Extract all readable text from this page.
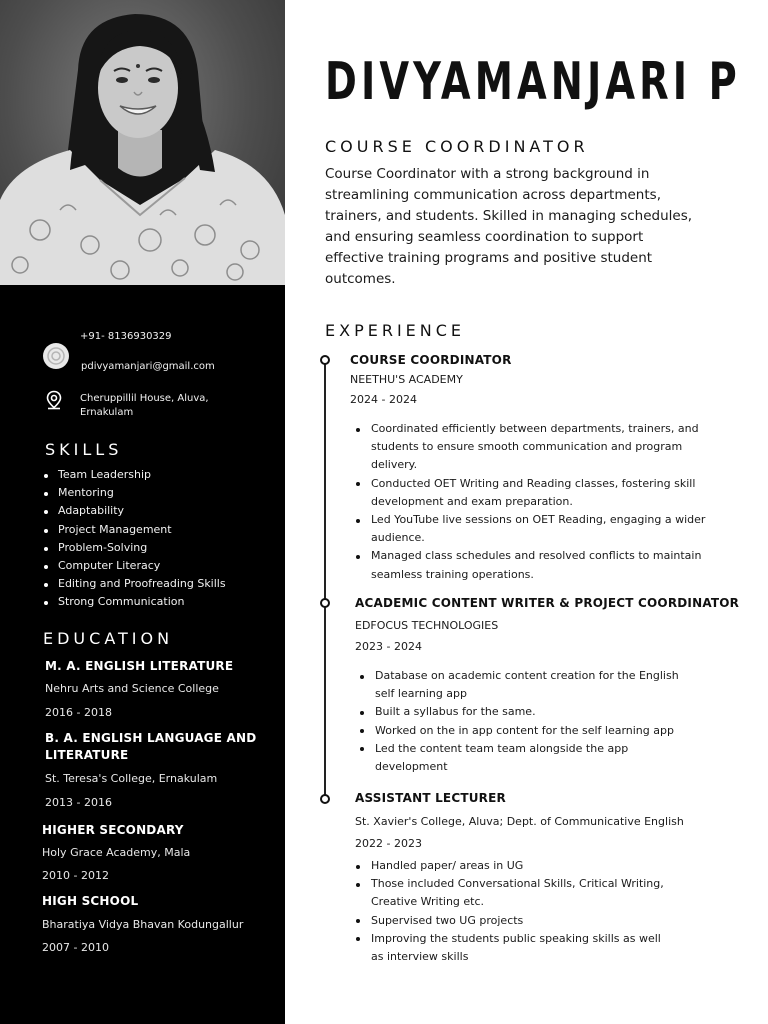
+91- 8136930329
pdivyamanjari@gmail.com
Cheruppillil House, Aluva,
Ernakulam
SKILLS
Team Leadership
Mentoring
Adaptability
Project Management
Problem-Solving
Computer Literacy
Editing and Proofreading Skills
Strong Communication
EDUCATION
M. A. ENGLISH LITERATURE
Nehru Arts and Science College
2016 - 2018
B. A. ENGLISH LANGUAGE AND LITERATURE
St. Teresa's College, Ernakulam
2013 - 2016
HIGHER SECONDARY
Holy Grace Academy, Mala
2010 - 2012
HIGH SCHOOL
Bharatiya Vidya Bhavan Kodungallur
2007 - 2010
DIVYAMANJARI P
COURSE COORDINATOR

Course Coordinator with a strong background in streamlining communication across departments, trainers, and students. Skilled in managing schedules, and ensuring seamless coordination to support effective training programs and positive student outcomes.

EXPERIENCE
COURSE COORDINATOR
NEETHU'S ACADEMY
2024 - 2024
Coordinated efficiently between departments, trainers, and
students to ensure smooth communication and program
delivery.
Conducted OET Writing and Reading classes, fostering skill
development and exam preparation.
Led YouTube live sessions on OET Reading, engaging a wider
audience.
Managed class schedules and resolved conflicts to maintain
seamless training operations.
ACADEMIC CONTENT WRITER & PROJECT COORDINATOR
EDFOCUS TECHNOLOGIES
2023 - 2024
Database on academic content creation for the English
self learning app
Built a syllabus for the same.
Worked on the in app content for the self learning app
Led the content team team alongside the app
development
ASSISTANT LECTURER
St. Xavier's College, Aluva; Dept. of Communicative English
2022 - 2023
Handled paper/ areas in UG
Those included Conversational Skills, Critical Writing,
Creative Writing etc.
Supervised two UG projects
Improving the students public speaking skills as well
as interview skills
